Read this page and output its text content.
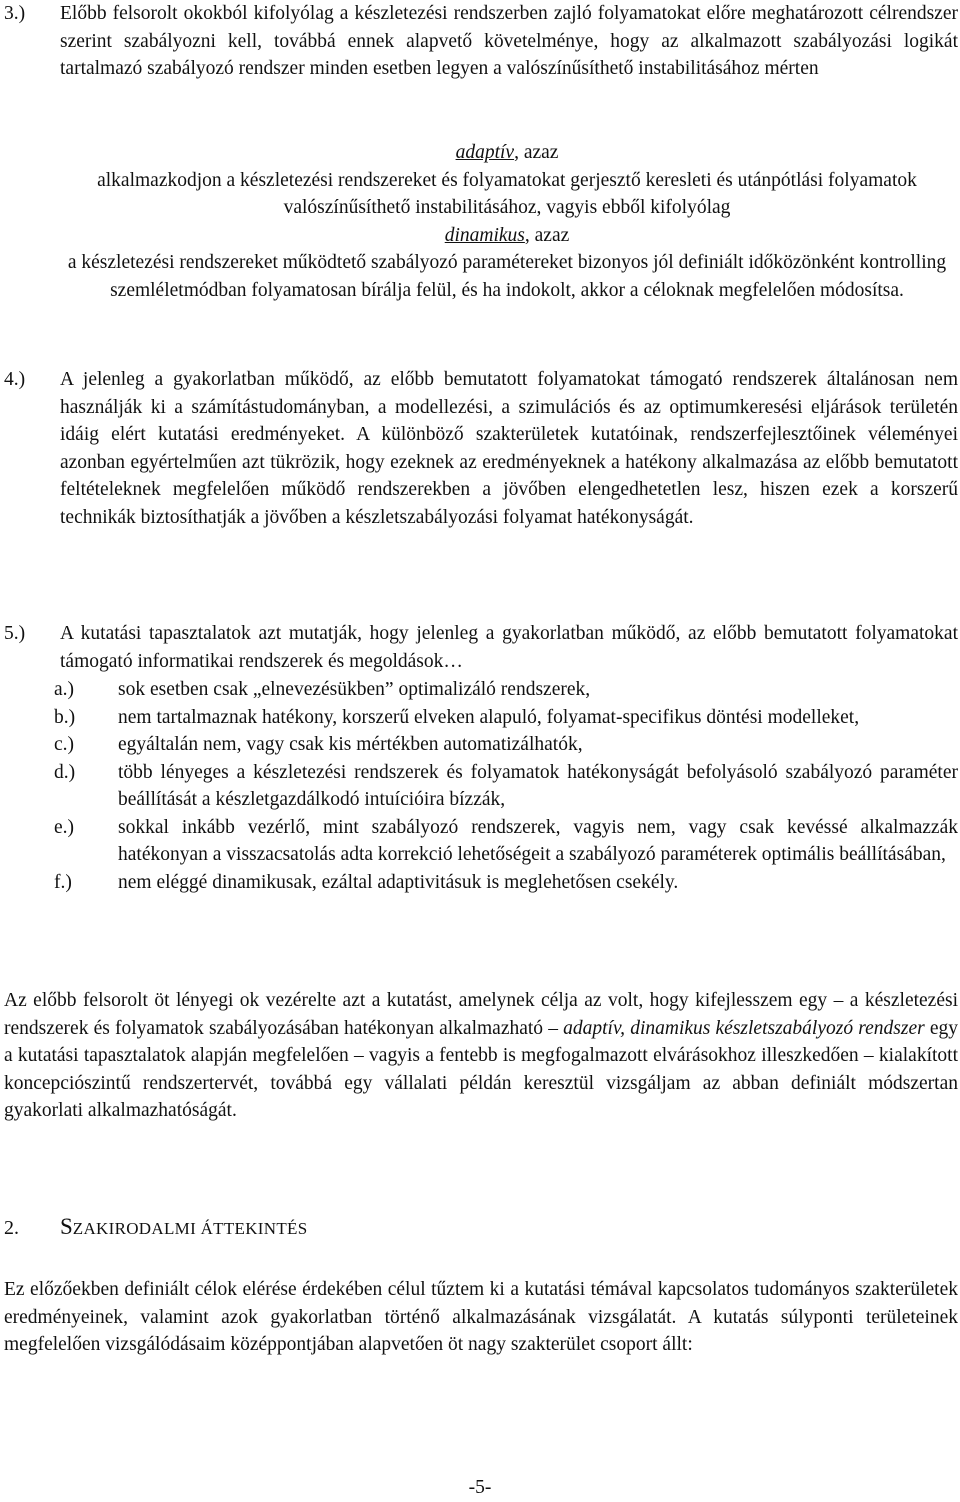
3.) Előbb felsorolt okokból kifolyólag a készletezési rendszerben zajló folyamatokat előre meghatározott célrendszer szerint szabályozni kell, továbbá ennek alapvető követelménye, hogy az alkalmazott szabályozási logikát tartalmazó szabályozó rendszer minden esetben legyen a valószínűsíthető instabilitásához mérten
adaptív, azaz
alkalmazkodjon a készletezési rendszereket és folyamatokat gerjesztő keresleti és utánpótlási folyamatok valószínűsíthető instabilitásához, vagyis ebből kifolyólag
dinamikus, azaz
a készletezési rendszereket működtető szabályozó paramétereket bizonyos jól definiált időközönként kontrolling szemléletmódban folyamatosan bírálja felül, és ha indokolt, akkor a céloknak megfelelően módosítsa.
4.) A jelenleg a gyakorlatban működő, az előbb bemutatott folyamatokat támogató rendszerek általánosan nem használják ki a számítástudományban, a modellezési, a szimulációs és az optimumkeresési eljárások területén idáig elért kutatási eredményeket. A különböző szakterületek kutatóinak, rendszerfejlesztőinek véleményei azonban egyértelműen azt tükrözik, hogy ezeknek az eredményeknek a hatékony alkalmazása az előbb bemutatott feltételeknek megfelelően működő rendszerekben a jövőben elengedhetetlen lesz, hiszen ezek a korszerű technikák biztosíthatják a jövőben a készletszabályozási folyamat hatékonyságát.
5.) A kutatási tapasztalatok azt mutatják, hogy jelenleg a gyakorlatban működő, az előbb bemutatott folyamatokat támogató informatikai rendszerek és megoldások…
a.) sok esetben csak „elnevezésükben” optimalizáló rendszerek,
b.) nem tartalmaznak hatékony, korszerű elveken alapuló, folyamat-specifikus döntési modelleket,
c.) egyáltalán nem, vagy csak kis mértékben automatizálhatók,
d.) több lényeges a készletezési rendszerek és folyamatok hatékonyságát befolyásoló szabályozó paraméter beállítását a készletgazdálkodó intuícióira bízzák,
e.) sokkal inkább vezérlő, mint szabályozó rendszerek, vagyis nem, vagy csak kevéssé alkalmazzák hatékonyan a visszacsatolás adta korrekció lehetőségeit a szabályozó paraméterek optimális beállításában,
f.) nem eléggé dinamikusak, ezáltal adaptivitásuk is meglehetősen csekély.
Az előbb felsorolt öt lényegi ok vezérelte azt a kutatást, amelynek célja az volt, hogy kifejlesszem egy – a készletezési rendszerek és folyamatok szabályozásában hatékonyan alkalmazható – adaptív, dinamikus készletszabályozó rendszer egy a kutatási tapasztalatok alapján megfelelően – vagyis a fentebb is megfogalmazott elvárásokhoz illeszkedően – kialakított koncepciószintű rendszertervét, továbbá egy vállalati példán keresztül vizsgáljam az abban definiált módszertan gyakorlati alkalmazhatóságát.
2. SZAKIRODALMI ÁTTEKINTÉS
Ez előzőekben definiált célok elérése érdekében célul tűztem ki a kutatási témával kapcsolatos tudományos szakterületek eredményeinek, valamint azok gyakorlatban történő alkalmazásának vizsgálatát. A kutatás súlyponti területeinek megfelelően vizsgálódásaim középpontjában alapvetően öt nagy szakterület csoport állt:
-5-
